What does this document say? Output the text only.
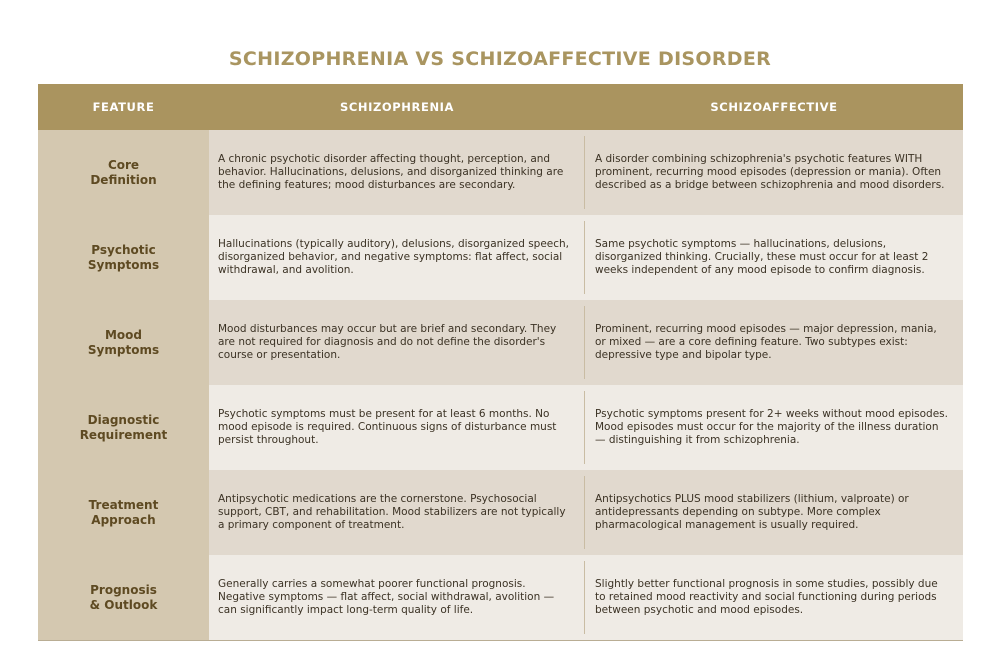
SCHIZOPHRENIA VS SCHIZOAFFECTIVE DISORDER
FEATURE	SCHIZOPHRENIA	SCHIZOAFFECTIVE
Core
Definition
A chronic psychotic disorder affecting thought, perception, and behavior. Hallucinations, delusions, and disorganized thinking are the defining features; mood disturbances are secondary.
A disorder combining schizophrenia's psychotic features WITH prominent, recurring mood episodes (depression or mania). Often described as a bridge between schizophrenia and mood disorders.
Psychotic
Symptoms
Hallucinations (typically auditory), delusions, disorganized speech, disorganized behavior, and negative symptoms: flat affect, social withdrawal, and avolition.
Same psychotic symptoms — hallucinations, delusions, disorganized thinking. Crucially, these must occur for at least 2 weeks independent of any mood episode to confirm diagnosis.
Mood
Symptoms
Mood disturbances may occur but are brief and secondary. They are not required for diagnosis and do not define the disorder's course or presentation.
Prominent, recurring mood episodes — major depression, mania, or mixed — are a core defining feature. Two subtypes exist: depressive type and bipolar type.
Diagnostic
Requirement
Psychotic symptoms must be present for at least 6 months. No mood episode is required. Continuous signs of disturbance must persist throughout.
Psychotic symptoms present for 2+ weeks without mood episodes. Mood episodes must occur for the majority of the illness duration — distinguishing it from schizophrenia.
Treatment
Approach
Antipsychotic medications are the cornerstone. Psychosocial support, CBT, and rehabilitation. Mood stabilizers are not typically a primary component of treatment.
Antipsychotics PLUS mood stabilizers (lithium, valproate) or antidepressants depending on subtype. More complex pharmacological management is usually required.
Prognosis
& Outlook
Generally carries a somewhat poorer functional prognosis. Negative symptoms — flat affect, social withdrawal, avolition — can significantly impact long-term quality of life.
Slightly better functional prognosis in some studies, possibly due to retained mood reactivity and social functioning during periods between psychotic and mood episodes.
